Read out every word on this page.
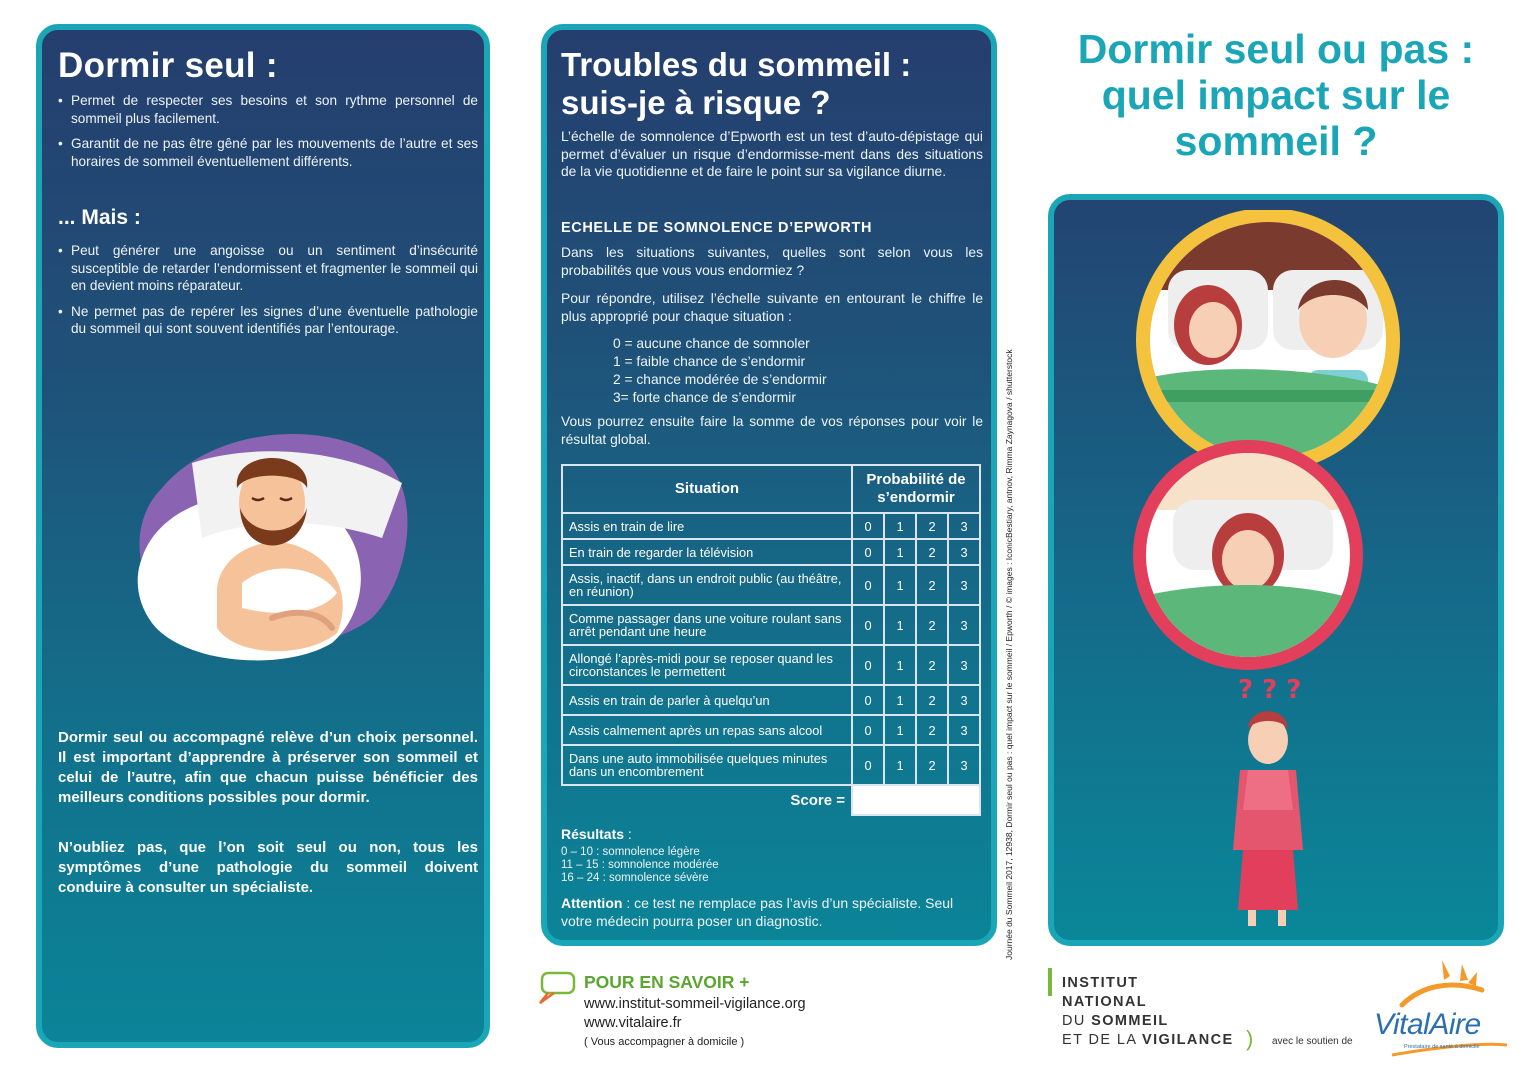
Dormir seul :
• Permet de respecter ses besoins et son rythme personnel de sommeil plus facilement.
• Garantit de ne pas être gêné par les mouvements de l’autre et ses horaires de sommeil éventuellement différents.
... Mais :
• Peut générer une angoisse ou un sentiment d’insécurité susceptible de retarder l’endormissent et fragmenter le sommeil qui en devient moins réparateur.
• Ne permet pas de repérer les signes d’une éventuelle pathologie du sommeil qui sont souvent identifiés par l’entourage.
Dormir seul ou accompagné relève d’un choix personnel. Il est important d’apprendre à préserver son sommeil et celui de l’autre, afin que chacun puisse bénéficier des meilleurs conditions possibles pour dormir.
N’oubliez pas, que l’on soit seul ou non, tous les symptômes d’une pathologie du sommeil doivent conduire à consulter un spécialiste.
Troubles du sommeil :
suis-je à risque ?
L’échelle de somnolence d’Epworth est un test d’auto-dépistage qui permet d’évaluer un risque d’endormisse-ment dans des situations de la vie quotidienne et de faire le point sur sa vigilance diurne.
ECHELLE DE SOMNOLENCE D’EPWORTH
Dans les situations suivantes, quelles sont selon vous les probabilités que vous vous endormiez ?
Pour répondre, utilisez l’échelle suivante en entourant le chiffre le plus approprié pour chaque situation :
0 = aucune chance de somnoler
1 = faible chance de s’endormir
2 = chance modérée de s’endormir
3= forte chance de s’endormir
Vous pourrez ensuite faire la somme de vos réponses pour voir le résultat global.
Situation	Probabilité de s’endormir			
Assis en train de lire	0	1	2	3
En train de regarder la télévision	0	1	2	3
Assis, inactif, dans un endroit public (au théâtre, en réunion)	0	1	2	3
Comme passager dans une voiture roulant sans arrêt pendant une heure	0	1	2	3
Allongé l’après-midi pour se reposer quand les circonstances le permettent	0	1	2	3
Assis en train de parler à quelqu’un	0	1	2	3
Assis calmement après un repas sans alcool	0	1	2	3
Dans une auto immobilisée quelques minutes dans un encombrement	0	1	2	3
Score =				
Résultats :
0 – 10 : somnolence légère
11 – 15 : somnolence modérée
16 – 24 : somnolence sévère
Attention : ce test ne remplace pas l’avis d’un spécialiste. Seul votre médecin pourra poser un diagnostic.	Journée du Sommeil 2017, 12938, Dormir seul ou pas : quel impact sur le sommeil / Epworth / © images : IconicBestiary, antnov, Rimma Zaynagova / shutterstock
POUR EN SAVOIR +
www.institut-sommeil-vigilance.org
www.vitalaire.fr
( Vous accompagner à domicile )
Dormir seul ou pas :
quel impact sur le
sommeil ?
? ? ?
INSTITUT
NATIONAL
DU SOMMEIL
ET DE LA VIGILANCE ) avec le soutien de
VitalAire
Prestataire de santé à domicile
